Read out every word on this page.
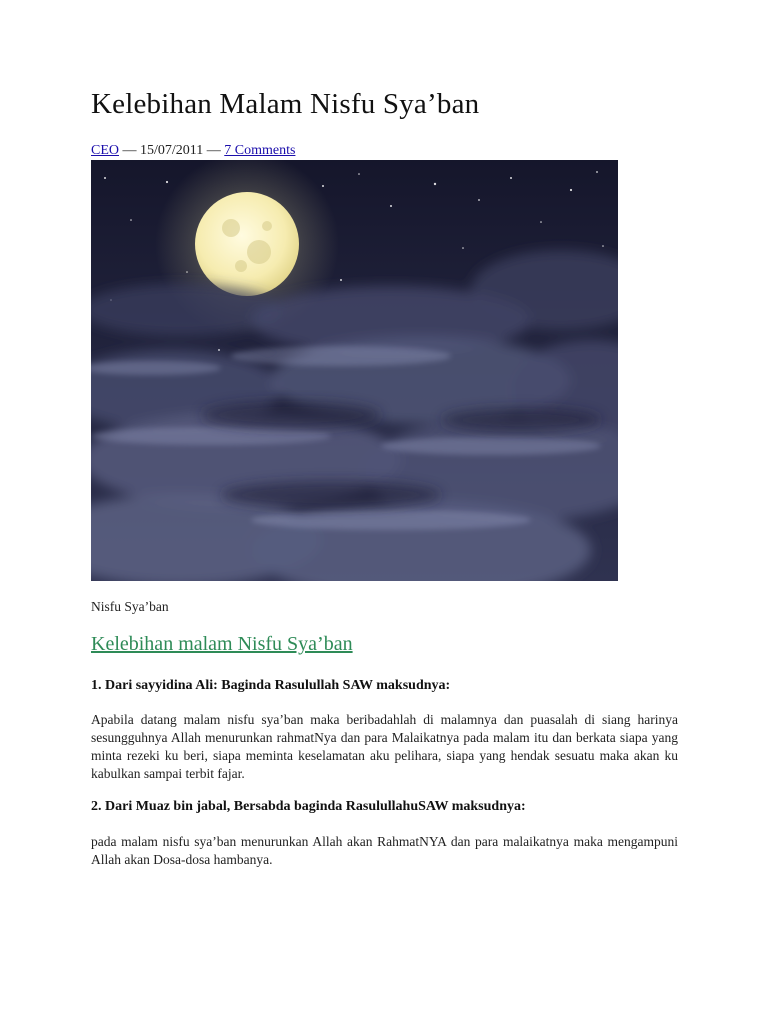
Kelebihan Malam Nisfu Sya’ban
CEO — 15/07/2011 — 7 Comments
Nisfu Sya’ban
Kelebihan malam Nisfu Sya’ban

1. Dari sayyidina Ali: Baginda Rasulullah SAW maksudnya:

Apabila datang malam nisfu sya’ban maka beribadahlah di malamnya dan puasalah di siang harinya sesungguhnya Allah menurunkan rahmatNya dan para Malaikatnya pada malam itu dan berkata siapa yang minta rezeki ku beri, siapa meminta keselamatan aku pelihara, siapa yang hendak sesuatu maka akan ku kabulkan sampai terbit fajar.

2. Dari Muaz bin jabal, Bersabda baginda RasulullahuSAW maksudnya:

pada malam nisfu sya’ban menurunkan Allah akan RahmatNYA dan para malaikatnya maka mengampuni Allah akan Dosa-dosa hambanya.
